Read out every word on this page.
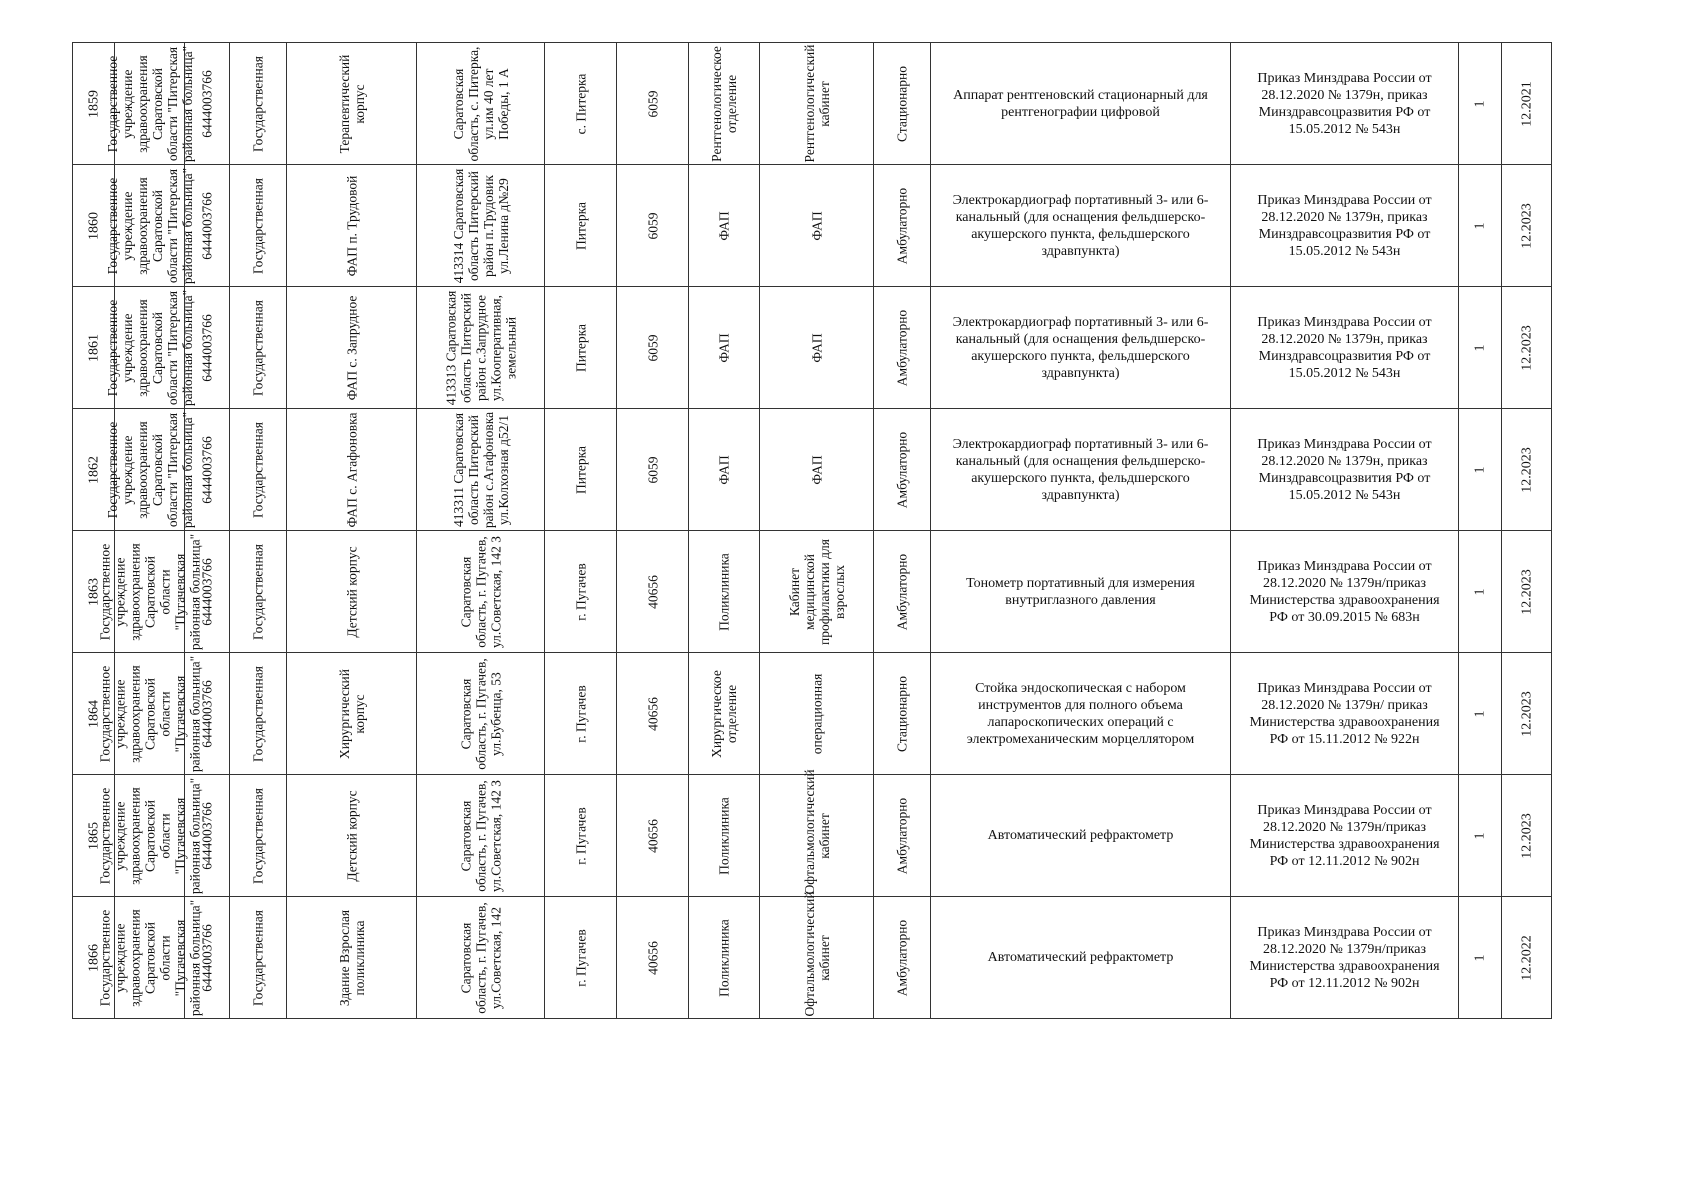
1859	Государственное учреждение здравоохранения Саратовской области "Питерская районная больница"	6444003766	Государственная	Терапевтический корпус	Саратовская область, с. Питерка, ул.им 40 лет Победы, 1 А	с. Питерка	6059	Рентгенологическое отделение	Рентгенологический кабинет	Стационарно	Аппарат рентгеновский стационарный для рентгенографии цифровой	Приказ Минздрава России от 28.12.2020 № 1379н, приказ Минздравсоцразвития РФ от 15.05.2012 № 543н	1	12.2021

1860	Государственное учреждение здравоохранения Саратовской области "Питерская районная больница"	6444003766	Государственная	ФАП п. Трудовой	413314 Саратовская область Питерский район п.Трудовик ул.Ленина д№29	Питерка	6059	ФАП	ФАП	Амбулаторно	Электрокардиограф портативный 3- или 6-канальный (для оснащения фельдшерско-акушерского пункта, фельдшерского здравпункта)	Приказ Минздрава России от 28.12.2020 № 1379н, приказ Минздравсоцразвития РФ от 15.05.2012 № 543н	1	12.2023

1861	Государственное учреждение здравоохранения Саратовской области "Питерская районная больница"	6444003766	Государственная	ФАП с. Запрудное	413313 Саратовская область Питерский район с.Запрудное ул.Кооперативная, земельный	Питерка	6059	ФАП	ФАП	Амбулаторно	Электрокардиограф портативный 3- или 6-канальный (для оснащения фельдшерско-акушерского пункта, фельдшерского здравпункта)	Приказ Минздрава России от 28.12.2020 № 1379н, приказ Минздравсоцразвития РФ от 15.05.2012 № 543н	1	12.2023

1862	Государственное учреждение здравоохранения Саратовской области "Питерская районная больница"	6444003766	Государственная	ФАП с. Агафоновка	413311 Саратовская область Питерский район с.Агафоновка ул.Колхозная д52/1	Питерка	6059	ФАП	ФАП	Амбулаторно	Электрокардиограф портативный 3- или 6-канальный (для оснащения фельдшерско-акушерского пункта, фельдшерского здравпункта)	Приказ Минздрава России от 28.12.2020 № 1379н, приказ Минздравсоцразвития РФ от 15.05.2012 № 543н	1	12.2023

1863	Государственное учреждение здравоохранения Саратовской области "Пугачевская районная больница"	6444003766	Государственная	Детский корпус	Саратовская область, г. Пугачев, ул.Советская, 142 З	г. Пугачев	40656	Поликлиника	Кабинет медицинской профилактики для взрослых	Амбулаторно	Тонометр портативный для измерения внутриглазного давления	Приказ Минздрава России от 28.12.2020 № 1379н/приказ Министерства здравоохранения РФ от 30.09.2015 № 683н	1	12.2023

1864	Государственное учреждение здравоохранения Саратовской области "Пугачевская районная больница"	6444003766	Государственная	Хирургический корпус	Саратовская область, г. Пугачев, ул.Бубенца, 53	г. Пугачев	40656	Хирургическое отделение	операционная	Стационарно	Стойка эндоскопическая с набором инструментов для полного объема лапароскопических операций с электромеханическим морцеллятором	Приказ Минздрава России от 28.12.2020 № 1379н/ приказ Министерства здравоохранения РФ от 15.11.2012 № 922н	1	12.2023

1865	Государственное учреждение здравоохранения Саратовской области "Пугачевская районная больница"	6444003766	Государственная	Детский корпус	Саратовская область, г. Пугачев, ул.Советская, 142 З	г. Пугачев	40656	Поликлиника	Офтальмологический кабинет	Амбулаторно	Автоматический рефрактометр	Приказ Минздрава России от 28.12.2020 № 1379н/приказ Министерства здравоохранения РФ от 12.11.2012 № 902н	1	12.2023

1866	Государственное учреждение здравоохранения Саратовской области "Пугачевская районная больница"	6444003766	Государственная	Здание Взрослая поликлиника	Саратовская область, г. Пугачев, ул.Советская, 142	г. Пугачев	40656	Поликлиника	Офтальмологический кабинет	Амбулаторно	Автоматический рефрактометр	Приказ Минздрава России от 28.12.2020 № 1379н/приказ Министерства здравоохранения РФ от 12.11.2012 № 902н	1	12.2022
